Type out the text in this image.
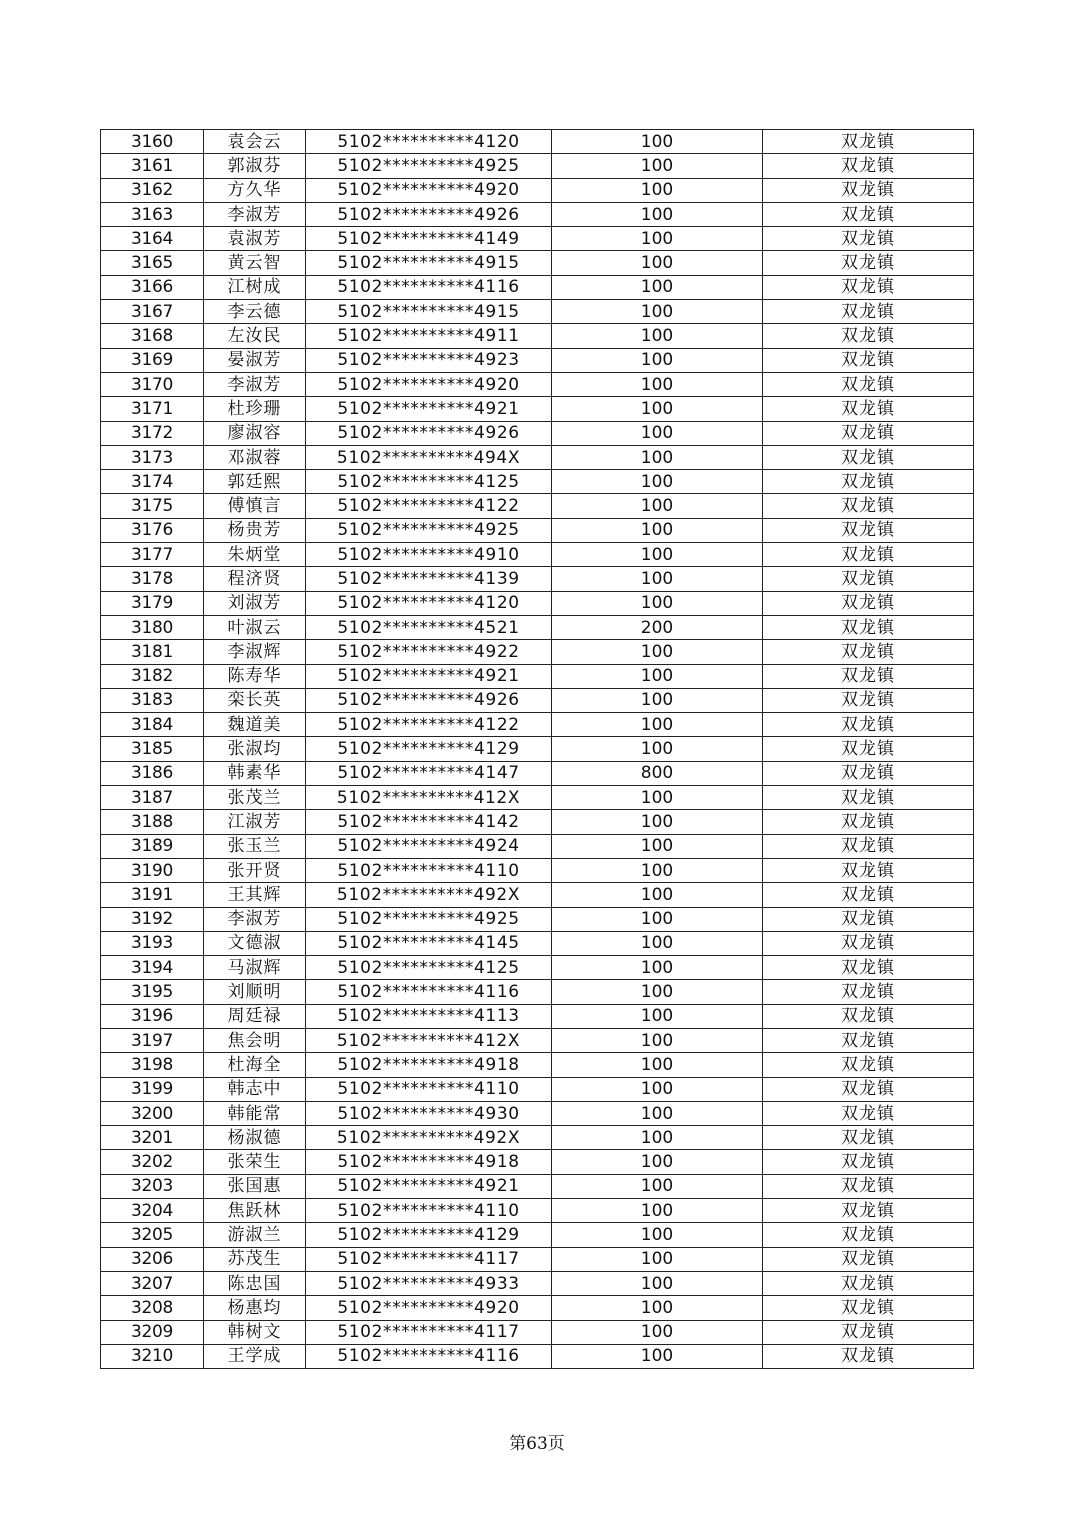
3160	袁会云	5102**********4120	100	双龙镇
3161	郭淑芬	5102**********4925	100	双龙镇
3162	方久华	5102**********4920	100	双龙镇
3163	李淑芳	5102**********4926	100	双龙镇
3164	袁淑芳	5102**********4149	100	双龙镇
3165	黄云智	5102**********4915	100	双龙镇
3166	江树成	5102**********4116	100	双龙镇
3167	李云德	5102**********4915	100	双龙镇
3168	左汝民	5102**********4911	100	双龙镇
3169	晏淑芳	5102**********4923	100	双龙镇
3170	李淑芳	5102**********4920	100	双龙镇
3171	杜珍珊	5102**********4921	100	双龙镇
3172	廖淑容	5102**********4926	100	双龙镇
3173	邓淑蓉	5102**********494X	100	双龙镇
3174	郭廷熙	5102**********4125	100	双龙镇
3175	傅慎言	5102**********4122	100	双龙镇
3176	杨贵芳	5102**********4925	100	双龙镇
3177	朱炳堂	5102**********4910	100	双龙镇
3178	程济贤	5102**********4139	100	双龙镇
3179	刘淑芳	5102**********4120	100	双龙镇
3180	叶淑云	5102**********4521	200	双龙镇
3181	李淑辉	5102**********4922	100	双龙镇
3182	陈寿华	5102**********4921	100	双龙镇
3183	栾长英	5102**********4926	100	双龙镇
3184	魏道美	5102**********4122	100	双龙镇
3185	张淑均	5102**********4129	100	双龙镇
3186	韩素华	5102**********4147	800	双龙镇
3187	张茂兰	5102**********412X	100	双龙镇
3188	江淑芳	5102**********4142	100	双龙镇
3189	张玉兰	5102**********4924	100	双龙镇
3190	张开贤	5102**********4110	100	双龙镇
3191	王其辉	5102**********492X	100	双龙镇
3192	李淑芳	5102**********4925	100	双龙镇
3193	文德淑	5102**********4145	100	双龙镇
3194	马淑辉	5102**********4125	100	双龙镇
3195	刘顺明	5102**********4116	100	双龙镇
3196	周廷禄	5102**********4113	100	双龙镇
3197	焦会明	5102**********412X	100	双龙镇
3198	杜海全	5102**********4918	100	双龙镇
3199	韩志中	5102**********4110	100	双龙镇
3200	韩能常	5102**********4930	100	双龙镇
3201	杨淑德	5102**********492X	100	双龙镇
3202	张荣生	5102**********4918	100	双龙镇
3203	张国惠	5102**********4921	100	双龙镇
3204	焦跃林	5102**********4110	100	双龙镇
3205	游淑兰	5102**********4129	100	双龙镇
3206	苏茂生	5102**********4117	100	双龙镇
3207	陈忠国	5102**********4933	100	双龙镇
3208	杨惠均	5102**********4920	100	双龙镇
3209	韩树文	5102**********4117	100	双龙镇
3210	王学成	5102**********4116	100	双龙镇
第63页
